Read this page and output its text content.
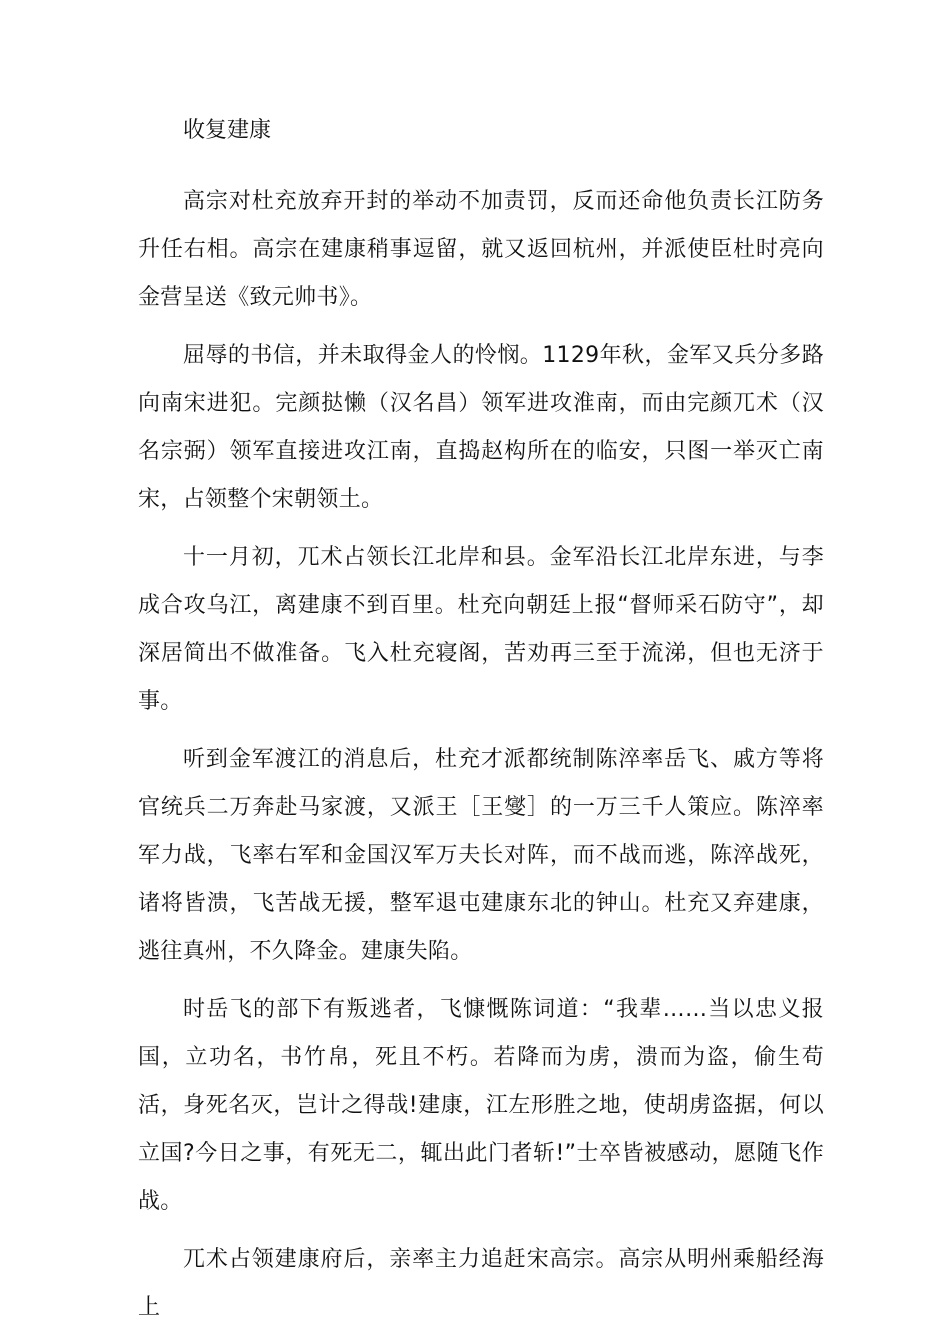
收复建康

高宗对杜充放弃开封的举动不加责罚，反而还命他负责长江防务升任右相。高宗在建康稍事逗留，就又返回杭州，并派使臣杜时亮向金营呈送《致元帅书》。

屈辱的书信，并未取得金人的怜悯。1129年秋，金军又兵分多路向南宋进犯。完颜挞懒（汉名昌）领军进攻淮南，而由完颜兀术（汉名宗弼）领军直接进攻江南，直捣赵构所在的临安，只图一举灭亡南宋，占领整个宋朝领土。

十一月初，兀术占领长江北岸和县。金军沿长江北岸东进，与李成合攻乌江，离建康不到百里。杜充向朝廷上报“督师采石防守”，却深居简出不做准备。飞入杜充寝阁，苦劝再三至于流涕，但也无济于事。

听到金军渡江的消息后，杜充才派都统制陈淬率岳飞、戚方等将官统兵二万奔赴马家渡，又派王［王燮］的一万三千人策应。陈淬率军力战，飞率右军和金国汉军万夫长对阵，而不战而逃，陈淬战死，诸将皆溃，飞苦战无援，整军退屯建康东北的钟山。杜充又弃建康，逃往真州，不久降金。建康失陷。

时岳飞的部下有叛逃者，飞慷慨陈词道：“我辈……当以忠义报国，立功名，书竹帛，死且不朽。若降而为虏，溃而为盗，偷生苟活，身死名灭，岂计之得哉!建康，江左形胜之地，使胡虏盗据，何以立国?今日之事，有死无二，辄出此门者斩!”士卒皆被感动，愿随飞作战。

兀术占领建康府后，亲率主力追赶宋高宗。高宗从明州乘船经海上
